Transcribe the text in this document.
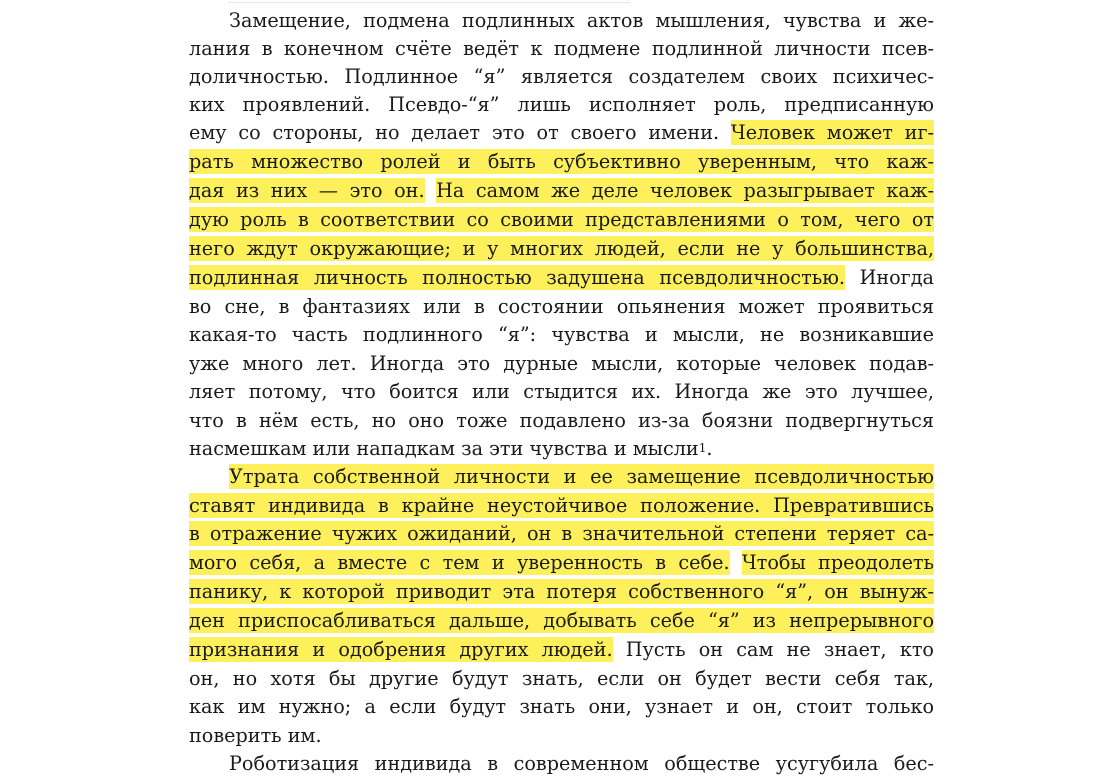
Замещение, подмена подлинных актов мышления, чувства и же-
лания в конечном счёте ведёт к подмене подлинной личности псев-
доличностью. Подлинное “я” является создателем своих психичес-
ких проявлений. Псевдо-“я” лишь исполняет роль, предписанную
ему со стороны, но делает это от своего имени. Человек может иг-
рать множество ролей и быть субъективно уверенным, что каж-
дая из них — это он. На самом же деле человек разыгрывает каж-
дую роль в соответствии со своими представлениями о том, чего от
него ждут окружающие; и у многих людей, если не у большинства,
подлинная личность полностью задушена псевдоличностью. Иногда
во сне, в фантазиях или в состоянии опьянения может проявиться
какая-то часть подлинного “я”: чувства и мысли, не возникавшие
уже много лет. Иногда это дурные мысли, которые человек подав-
ляет потому, что боится или стыдится их. Иногда же это лучшее,
что в нём есть, но оно тоже подавлено из-за боязни подвергнуться
насмешкам или нападкам за эти чувства и мысли$^1$.
Утрата собственной личности и ее замещение псевдоличностью
ставят индивида в крайне неустойчивое положение. Превратившись
в отражение чужих ожиданий, он в значительной степени теряет са-
мого себя, а вместе с тем и уверенность в себе. Чтобы преодолеть
панику, к которой приводит эта потеря собственного “я”, он вынуж-
ден приспосабливаться дальше, добывать себе “я” из непрерывного
признания и одобрения других людей. Пусть он сам не знает, кто
он, но хотя бы другие будут знать, если он будет вести себя так,
как им нужно; а если будут знать они, узнает и он, стоит только
поверить им.
Роботизация индивида в современном обществе усугубила бес-
